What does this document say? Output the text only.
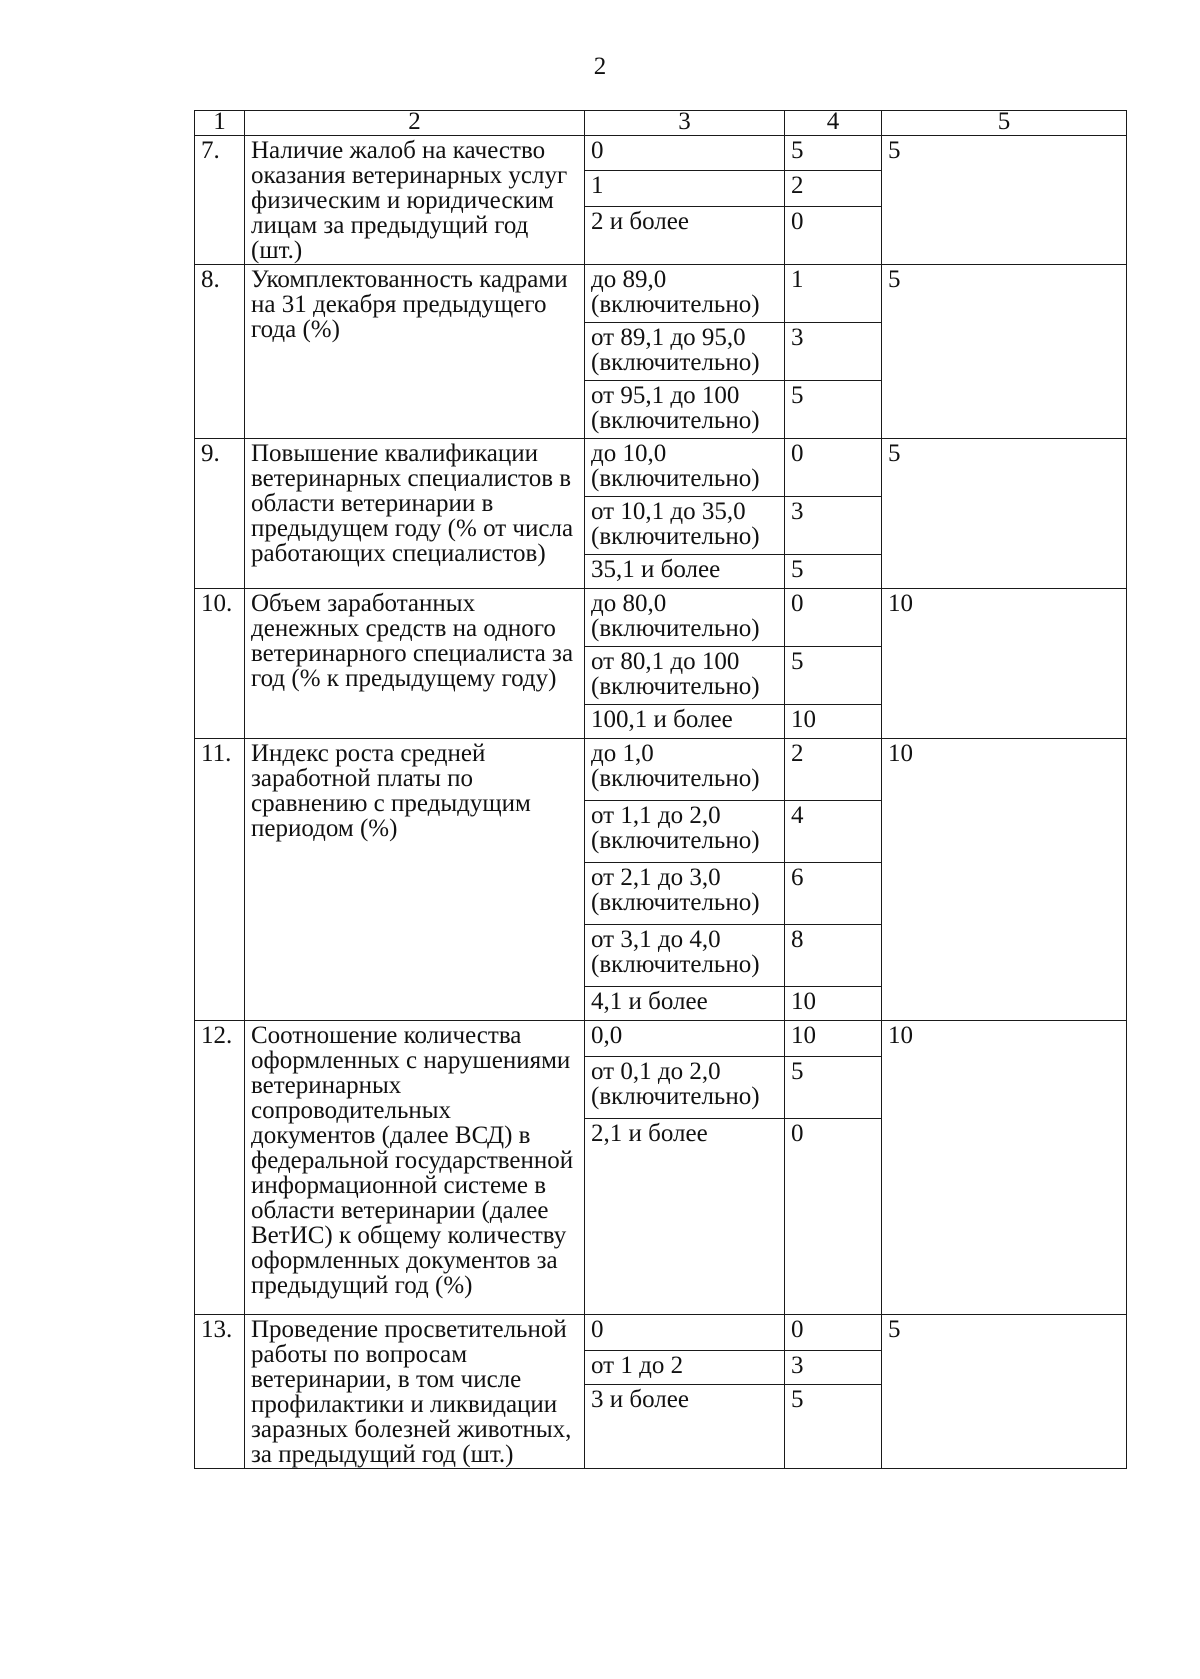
2
1	2	3	4	5
7.	Наличие жалоб на качество оказания ветеринарных услуг физическим и юридическим лицам за предыдущий год (шт.)	0	5	5
		1	2	
		2 и более	0	
8.	Укомплектованность кадрами на 31 декабря предыдущего года (%)	до 89,0 (включительно)	1	5
		от 89,1 до 95,0 (включительно)	3	
		от 95,1 до 100 (включительно)	5	
9.	Повышение квалификации ветеринарных специалистов в области ветеринарии в предыдущем году (% от числа работающих специалистов)	до 10,0 (включительно)	0	5
		от 10,1 до 35,0 (включительно)	3	
		35,1 и более	5	
10.	Объем заработанных денежных средств на одного ветеринарного специалиста за год (% к предыдущему году)	до 80,0 (включительно)	0	10
		от 80,1 до 100 (включительно)	5	
		100,1 и более	10	
11.	Индекс роста средней заработной платы по сравнению с предыдущим периодом (%)	до 1,0 (включительно)	2	10
		от 1,1 до 2,0 (включительно)	4	
		от 2,1 до 3,0 (включительно)	6	
		от 3,1 до 4,0 (включительно)	8	
		4,1 и более	10	
12.	Соотношение количества оформленных с нарушениями ветеринарных сопроводительных документов (далее ВСД) в федеральной государственной информационной системе в области ветеринарии (далее ВетИС) к общему количеству оформленных документов за предыдущий год (%)	0,0	10	10
		от 0,1 до 2,0 (включительно)	5	
		2,1 и более	0	
13.	Проведение просветительной работы по вопросам ветеринарии, в том числе профилактики и ликвидации заразных болезней животных, за предыдущий год (шт.)	0	0	5
		от 1 до 2	3	
		3 и более	5	
